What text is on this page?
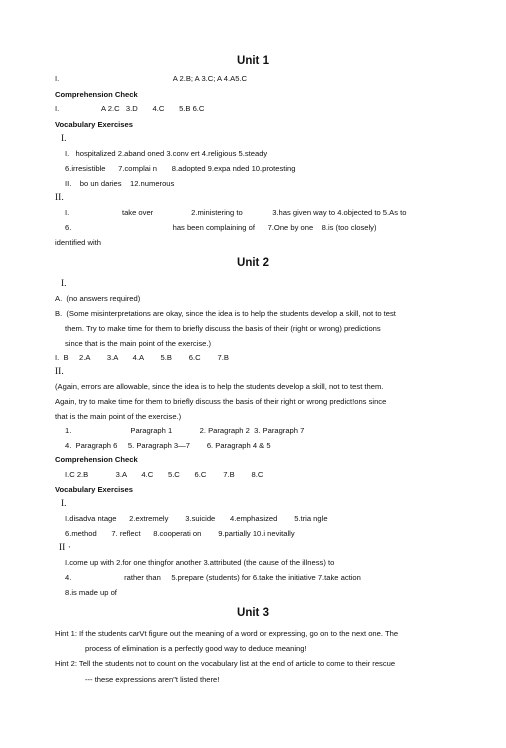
Unit 1
I.                                                      A 2.B; A 3.C; A 4.A5.C
Comprehension Check
I.                    A 2.C   3.D       4.C       5.B 6.C
Vocabulary Exercises
I.
I.   hospitalized 2.aband oned 3.conv ert 4.religious 5.steady
6.irresistible      7.complai n       8.adopted 9.expa nded 10.protesting
II.    bo un daries    12.numerous
II.
I.                         take over                  2.ministering to              3.has given way to 4.objected to 5.As to
6.                                                has been complaining of      7.One by one    8.is (too closely)
identified with
Unit 2
I.
A.  (no answers required)
B.  (Some misinterpretations are okay, since the idea is to help the students develop a skill, not to test
them. Try to make time for them to briefly discuss the basis of their (right or wrong) predictions
since that is the main point of the exercise.)
I.  B     2.A        3.A       4.A        5.B        6.C        7.B
II.
(Again, errors are allowable, since the idea is to help the students develop a skill, not to test them.
Again, try to make time for them to briefly discuss the basis of their right or wrong predict!ons since
that is the main point of the exercise.)
1.                            Paragraph 1             2. Paragraph 2  3. Paragraph 7
4.  Paragraph 6     5. Paragraph 3—7        6. Paragraph 4 & 5
Comprehension Check
I.C 2.B             3.A       4.C       5.C       6.C        7.B        8.C
Vocabulary Exercises
I.
I.disadva ntage      2.extremely        3.suicide       4.emphasized        5.tria ngle
6.method       7. reflect      8.cooperati on        9.partially 10.i nevitally
II ·
I.come up with 2.for one thingfor another 3.attributed (the cause of the illness) to
4.                         rather than     5.prepare (students) for 6.take the initiative 7.take action
8.is made up of
Unit 3
Hint 1: If the students carVt figure out the meaning of a word or expressing, go on to the next one. The
process of elimination is a perfectly good way to deduce meaning!
Hint 2: Tell the students not to count on the vocabulary list at the end of article to come to their rescue
--- these expressions aren"t listed there!
